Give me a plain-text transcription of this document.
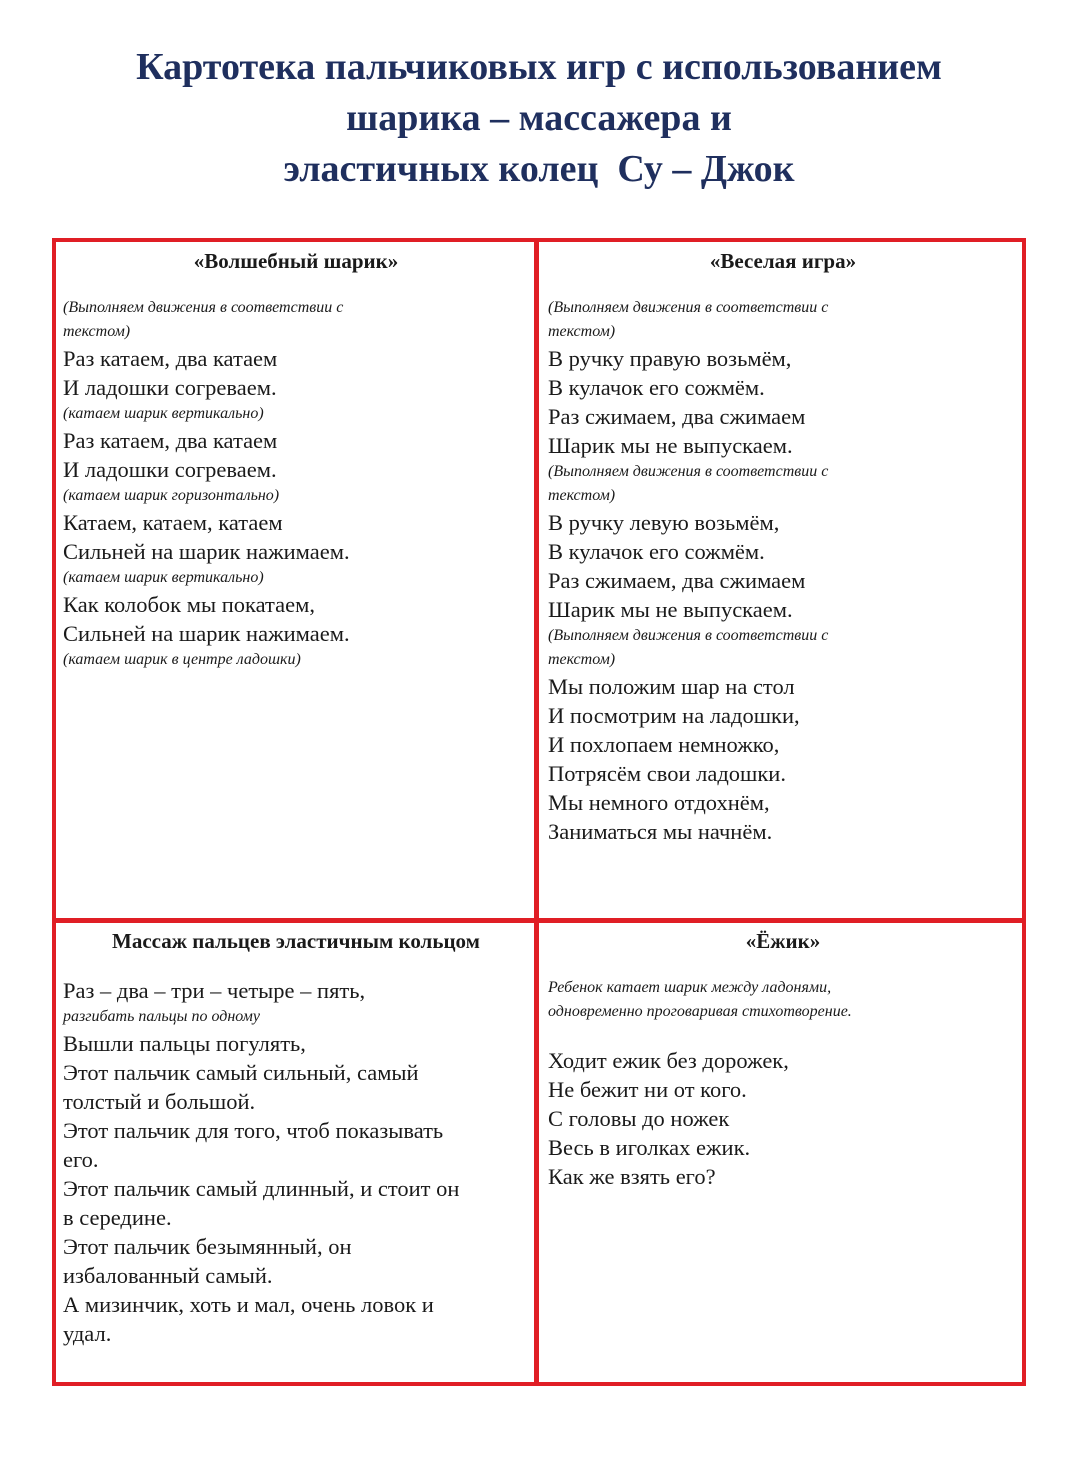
Картотека пальчиковых игр с использованием
шарика – массажера и
эластичных колец  Су – Джок
«Волшебный шарик»
(Выполняем движения в соответствии с
текстом)
Раз катаем, два катаем
И ладошки согреваем.
(катаем шарик вертикально)
Раз катаем, два катаем
И ладошки согреваем.
(катаем шарик горизонтально)
Катаем, катаем, катаем
Сильней на шарик нажимаем.
(катаем шарик вертикально)
Как колобок мы покатаем,
Сильней на шарик нажимаем.
(катаем шарик в центре ладошки)
«Веселая игра»
(Выполняем движения в соответствии с
текстом)
В ручку правую возьмём,
В кулачок его сожмём.
Раз сжимаем, два сжимаем
Шарик мы не выпускаем.
(Выполняем движения в соответствии с
текстом)
В ручку левую возьмём,
В кулачок его сожмём.
Раз сжимаем, два сжимаем
Шарик мы не выпускаем.
(Выполняем движения в соответствии с
текстом)
Мы положим шар на стол
И посмотрим на ладошки,
И похлопаем немножко,
Потрясём свои ладошки.
Мы немного отдохнём,
Заниматься мы начнём.
Массаж пальцев эластичным кольцом
Раз – два – три – четыре – пять,
разгибать пальцы по одному
Вышли пальцы погулять,
Этот пальчик самый сильный, самый
толстый и большой.
Этот пальчик для того, чтоб показывать
его.
Этот пальчик самый длинный, и стоит он
в середине.
Этот пальчик безымянный, он
избалованный самый.
А мизинчик, хоть и мал, очень ловок и
удал.
«Ёжик»
Ребенок катает шарик между ладонями,
одновременно проговаривая стихотворение.
Ходит ежик без дорожек,
Не бежит ни от кого.
С головы до ножек
Весь в иголках ежик.
Как же взять его?
